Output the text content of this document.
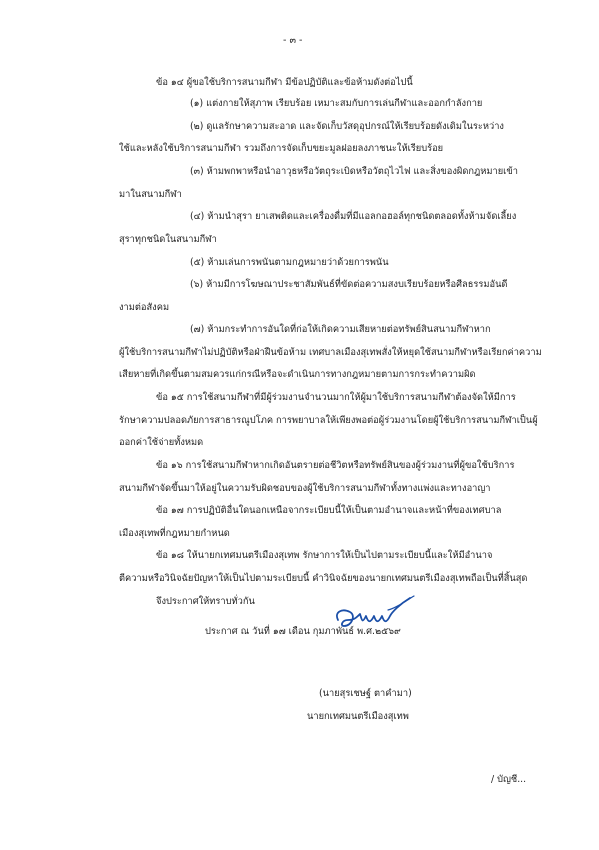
- ๓ -
ข้อ ๑๔ ผู้ขอใช้บริการสนามกีฬา มีข้อปฏิบัติและข้อห้ามดังต่อไปนี้
(๑) แต่งกายให้สุภาพ เรียบร้อย เหมาะสมกับการเล่นกีฬาและออกกำลังกาย
(๒) ดูแลรักษาความสะอาด และจัดเก็บวัสดุอุปกรณ์ให้เรียบร้อยดังเดิมในระหว่าง
ใช้และหลังใช้บริการสนามกีฬา รวมถึงการจัดเก็บขยะมูลฝอยลงภาชนะให้เรียบร้อย
(๓) ห้ามพกพาหรือนำอาวุธหรือวัตถุระเบิดหรือวัตถุไวไฟ และสิ่งของผิดกฎหมายเข้า
มาในสนามกีฬา
(๔) ห้ามนำสุรา ยาเสพติดและเครื่องดื่มที่มีแอลกอฮอล์ทุกชนิดตลอดทั้งห้ามจัดเลี้ยง
สุราทุกชนิดในสนามกีฬา
(๕) ห้ามเล่นการพนันตามกฎหมายว่าด้วยการพนัน
(๖) ห้ามมีการโฆษณาประชาสัมพันธ์ที่ขัดต่อความสงบเรียบร้อยหรือศีลธรรมอันดี
งามต่อสังคม
(๗) ห้ามกระทำการอันใดที่ก่อให้เกิดความเสียหายต่อทรัพย์สินสนามกีฬาหาก
ผู้ใช้บริการสนามกีฬาไม่ปฏิบัติหรือฝ่าฝืนข้อห้าม เทศบาลเมืองสุเทพสั่งให้หยุดใช้สนามกีฬาหรือเรียกค่าความ
เสียหายที่เกิดขึ้นตามสมควรแก่กรณีหรือจะดำเนินการทางกฎหมายตามการกระทำความผิด
ข้อ ๑๕ การใช้สนามกีฬาที่มีผู้ร่วมงานจำนวนมากให้ผู้มาใช้บริการสนามกีฬาต้องจัดให้มีการ
รักษาความปลอดภัยการสาธารณูปโภค การพยาบาลให้เพียงพอต่อผู้ร่วมงานโดยผู้ใช้บริการสนามกีฬาเป็นผู้
ออกค่าใช้จ่ายทั้งหมด
ข้อ ๑๖ การใช้สนามกีฬาหากเกิดอันตรายต่อชีวิตหรือทรัพย์สินของผู้ร่วมงานที่ผู้ขอใช้บริการ
สนามกีฬาจัดขึ้นมาให้อยู่ในความรับผิดชอบของผู้ใช้บริการสนามกีฬาทั้งทางแพ่งและทางอาญา
ข้อ ๑๗ การปฏิบัติอื่นใดนอกเหนือจากระเบียบนี้ให้เป็นตามอำนาจและหน้าที่ของเทศบาล
เมืองสุเทพที่กฎหมายกำหนด
ข้อ ๑๘ ให้นายกเทศมนตรีเมืองสุเทพ รักษาการให้เป็นไปตามระเบียบนี้และให้มีอำนาจ
ตีความหรือวินิจฉัยปัญหาให้เป็นไปตามระเบียบนี้ คำวินิจฉัยของนายกเทศมนตรีเมืองสุเทพถือเป็นที่สิ้นสุด
จึงประกาศให้ทราบทั่วกัน
ประกาศ ณ วันที่ ๑๗ เดือน กุมภาพันธ์ พ.ศ.๒๕๖๙
(นายสุรเชษฐ์ ตาคำมา)
นายกเทศมนตรีเมืองสุเทพ
/ บัญชี...
